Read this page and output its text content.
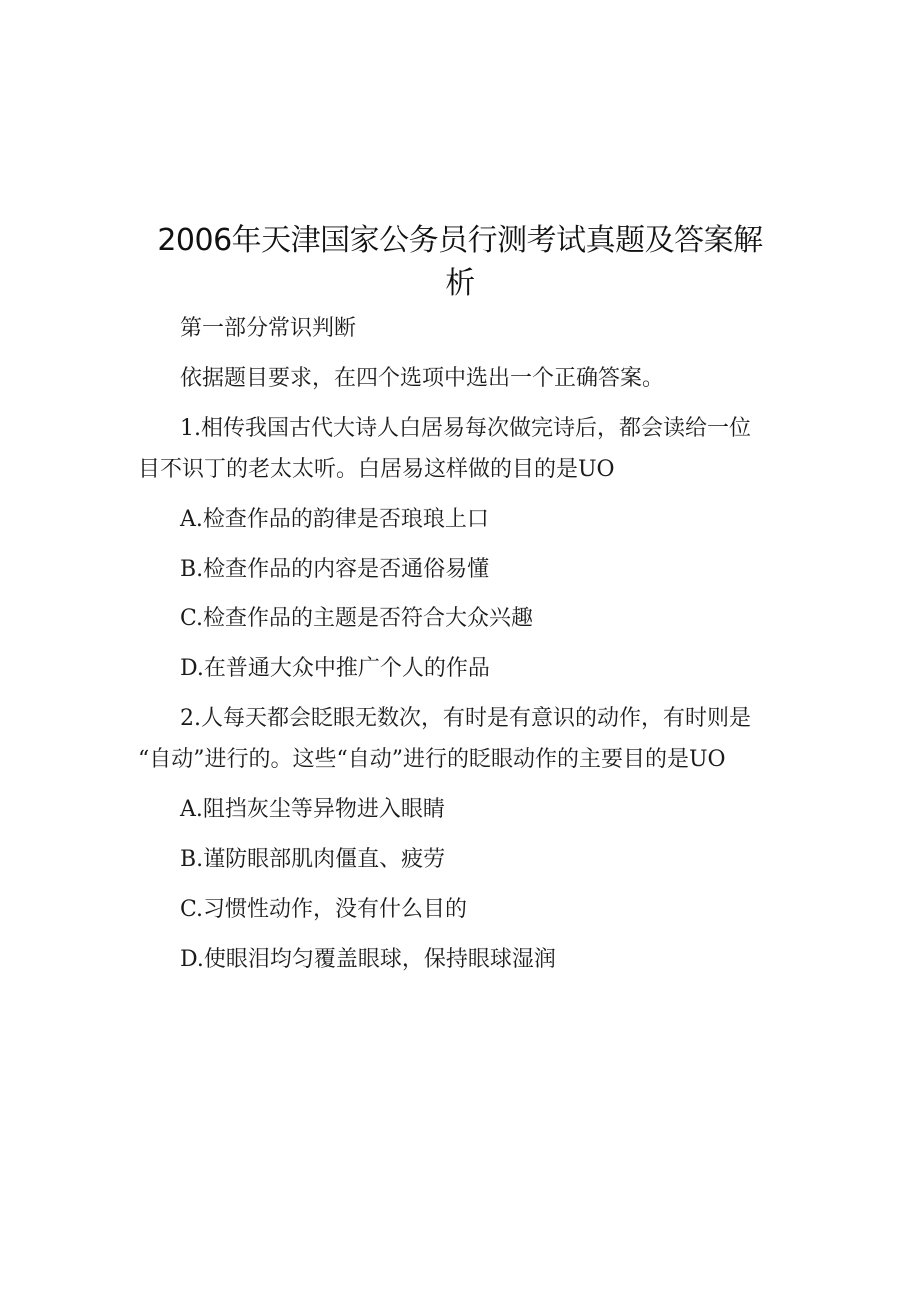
2006年天津国家公务员行测考试真题及答案解
析

第一部分常识判断

依据题目要求，在四个选项中选出一个正确答案。

1.相传我国古代大诗人白居易每次做完诗后，都会读给一位

目不识丁的老太太听。白居易这样做的目的是UO

A.检查作品的韵律是否琅琅上口

B.检查作品的内容是否通俗易懂

C.检查作品的主题是否符合大众兴趣

D.在普通大众中推广个人的作品

2.人每天都会眨眼无数次，有时是有意识的动作，有时则是

“自动”进行的。这些“自动”进行的眨眼动作的主要目的是UO

A.阻挡灰尘等异物进入眼睛

B.谨防眼部肌肉僵直、疲劳

C.习惯性动作，没有什么目的

D.使眼泪均匀覆盖眼球，保持眼球湿润
